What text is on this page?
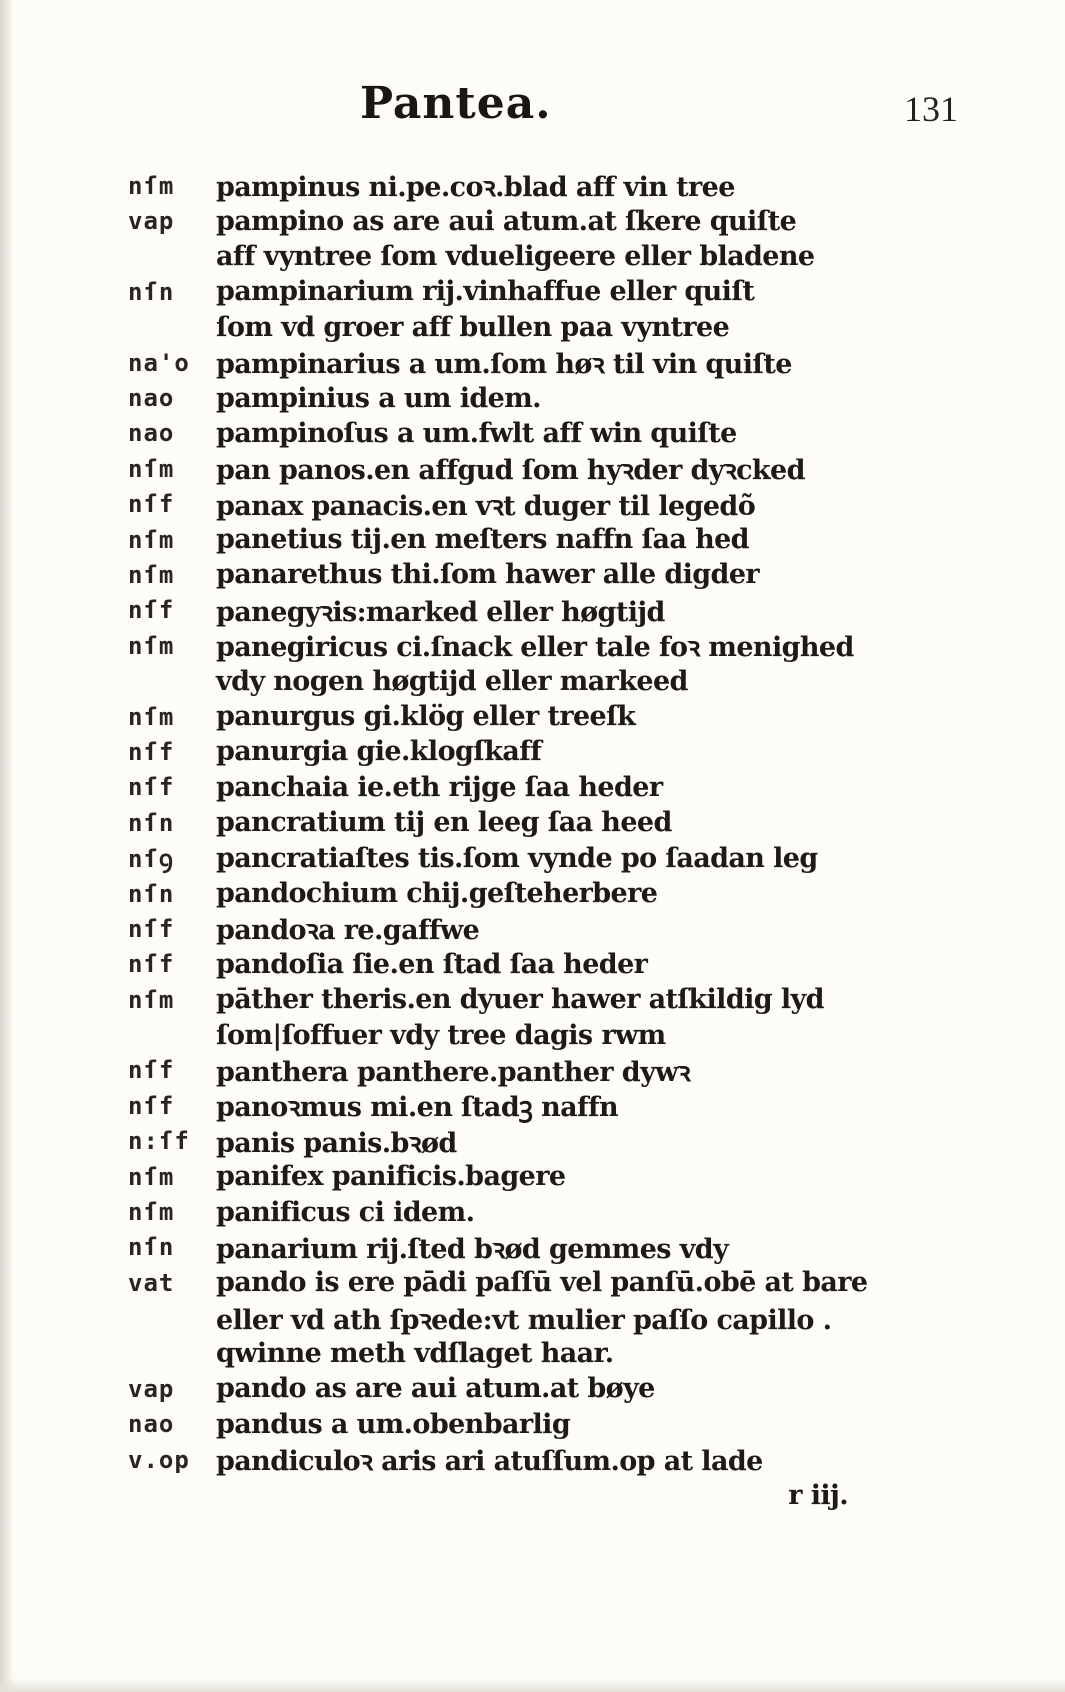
Pantea.	131
nſm	pampinus ni.pe.coꝛ.blad aff vin tree
vap	pampino as are aui atum.at ſkere quiſte
aff vyntree ſom vdueligeere eller bladene
nſn	pampinarium rij.vinhaffue eller quiſt
ſom vd groer aff bullen paa vyntree
na'o pampinarius a um.ſom høꝛ til vin quiſte
nao	pampinius a um idem.
nao	pampinoſus a um.fwlt aff win quiſte
nſm	pan panos.en affgud ſom hyꝛder dyꝛcked
nſf	panax panacis.en vꝛt duger til legedõ
nſm	panetius tij.en meſters naffn ſaa hed
nſm	panarethus thi.ſom hawer alle digder
nſf	panegyꝛis:marked eller høgtijd
nſm	panegiricus ci.ſnack eller tale foꝛ menighed
vdy nogen høgtijd eller markeed
nſm	panurgus gi.klög eller treeſk
nſf	panurgia gie.klogſkaff
nſf	panchaia ie.eth rijge ſaa heder
nſn	pancratium tij en leeg ſaa heed
nſꝯ	pancratiaſtes tis.ſom vynde po ſaadan leg
nſn	pandochium chij.geſteherbere
nſf	pandoꝛa re.gaffwe
nſf	pandoſia ſie.en ſtad ſaa heder
nſm	pāther theris.en dyuer hawer atſkildig lyd
ſom|ſoffuer vdy tree dagis rwm
nſf	panthera panthere.panther dywꝛ
nſf	panoꝛmus mi.en ſtadꝫ naffn
n:ſf panis panis.bꝛød
nſm	panifex panificis.bagere
nſm	panificus ci idem.
nſn	panarium rij.ſted bꝛød gemmes vdy
vat	pando is ere pādi paſſū vel panſū.obē at bare
eller vd ath ſpꝛede:vt mulier paſſo capillo .
qwinne meth vdſlaget haar.
vap	pando as are aui atum.at bøye
nao	pandus a um.obenbarlig
v.op pandiculoꝛ aris ari atuſſum.op at lade
r iij.
